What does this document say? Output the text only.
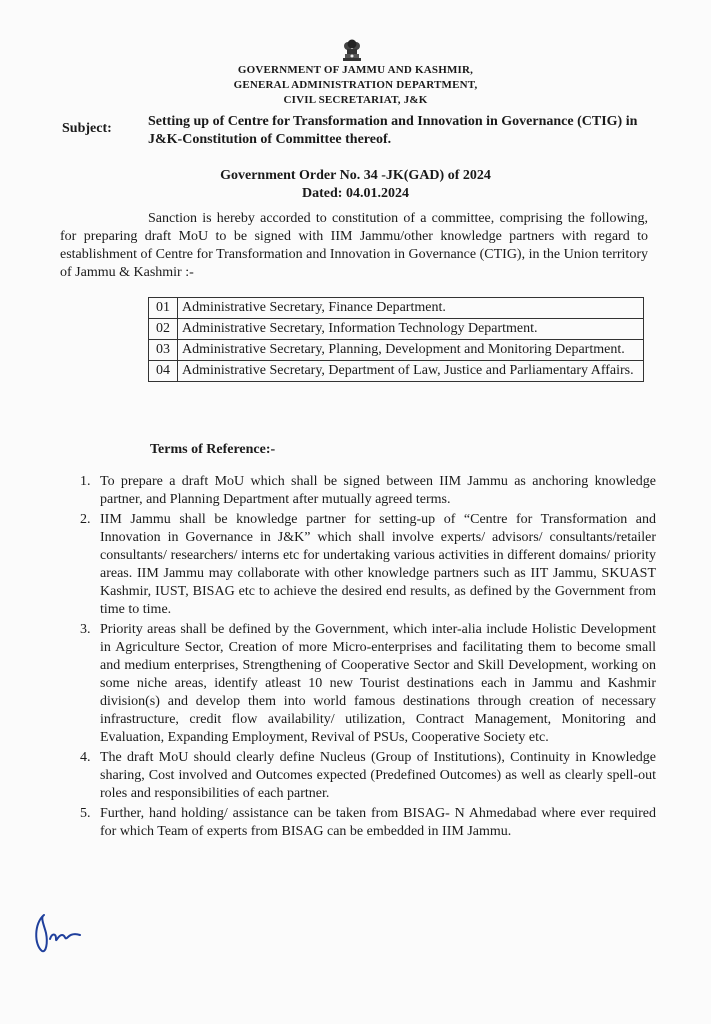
GOVERNMENT OF JAMMU AND KASHMIR,
GENERAL ADMINISTRATION DEPARTMENT,
CIVIL SECRETARIAT, J&K
Subject:	Setting up of Centre for Transformation and Innovation in Governance (CTIG) in J&K-Constitution of Committee thereof.
Government Order No. 34 -JK(GAD) of 2024
Dated: 04.01.2024
Sanction is hereby accorded to constitution of a committee, comprising the following, for preparing draft MoU to be signed with IIM Jammu/other knowledge partners with regard to establishment of Centre for Transformation and Innovation in Governance (CTIG), in the Union territory of Jammu & Kashmir :-
01	Administrative Secretary, Finance Department.
02	Administrative Secretary, Information Technology Department.
03	Administrative Secretary, Planning, Development and Monitoring Department.
04	Administrative Secretary, Department of Law, Justice and Parliamentary Affairs.
Terms of Reference:-
1. To prepare a draft MoU which shall be signed between IIM Jammu as anchoring knowledge partner, and Planning Department after mutually agreed terms.
2. IIM Jammu shall be knowledge partner for setting-up of “Centre for Transformation and Innovation in Governance in J&K” which shall involve experts/ advisors/ consultants/retailer consultants/ researchers/ interns etc for undertaking various activities in different domains/ priority areas. IIM Jammu may collaborate with other knowledge partners such as IIT Jammu, SKUAST Kashmir, IUST, BISAG etc to achieve the desired end results, as defined by the Government from time to time.
3. Priority areas shall be defined by the Government, which inter-alia include Holistic Development in Agriculture Sector, Creation of more Micro-enterprises and facilitating them to become small and medium enterprises, Strengthening of Cooperative Sector and Skill Development, working on some niche areas, identify atleast 10 new Tourist destinations each in Jammu and Kashmir division(s) and develop them into world famous destinations through creation of necessary infrastructure, credit flow availability/ utilization, Contract Management, Monitoring and Evaluation, Expanding Employment, Revival of PSUs, Cooperative Society etc.
4. The draft MoU should clearly define Nucleus (Group of Institutions), Continuity in Knowledge sharing, Cost involved and Outcomes expected (Predefined Outcomes) as well as clearly spell-out roles and responsibilities of each partner.
5. Further, hand holding/ assistance can be taken from BISAG- N Ahmedabad where ever required for which Team of experts from BISAG can be embedded in IIM Jammu.
